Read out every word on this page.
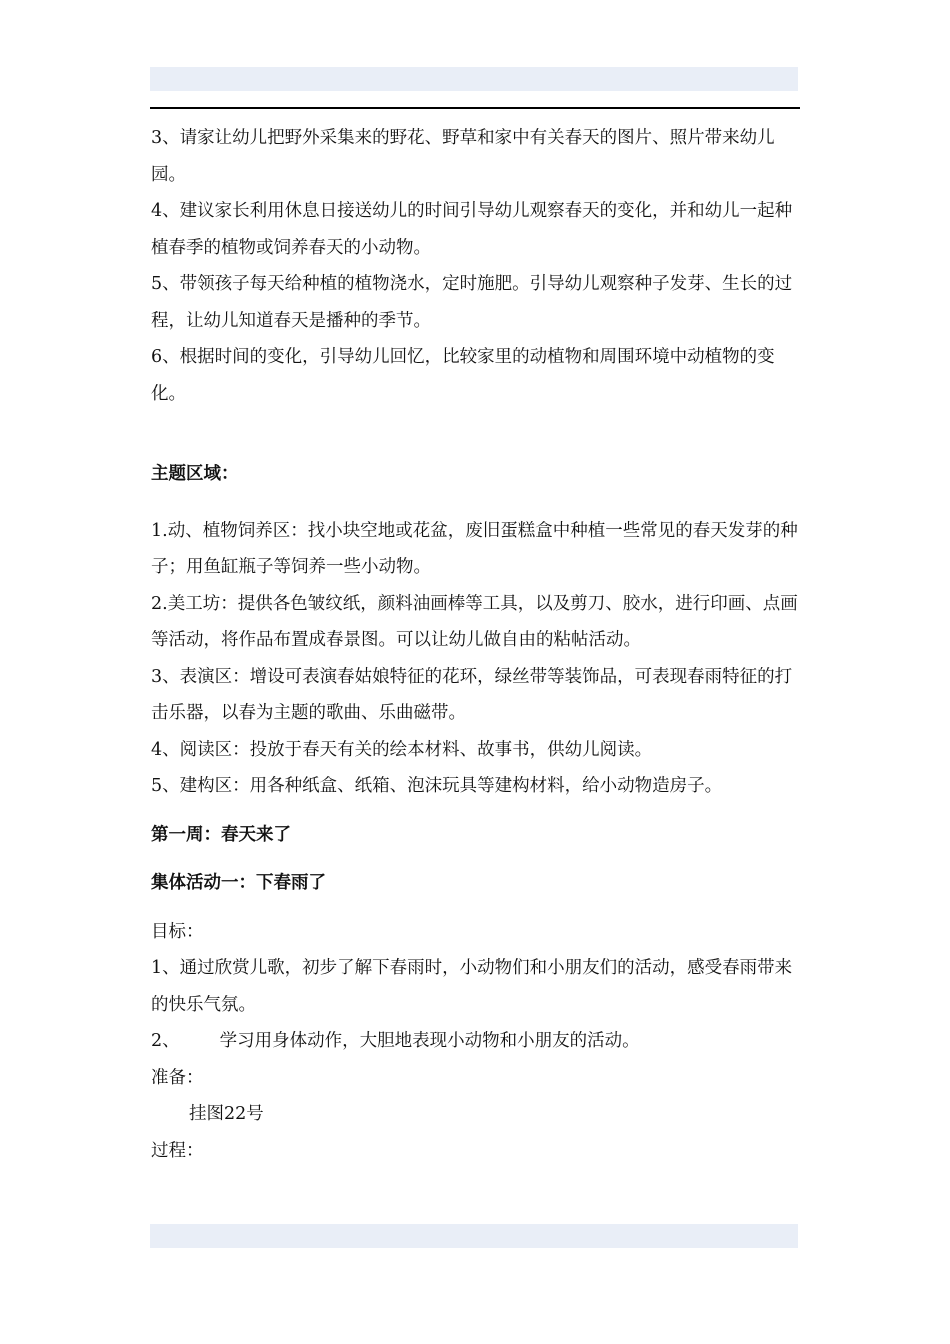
3、请家让幼儿把野外采集来的野花、野草和家中有关春天的图片、照片带来幼儿园。

4、建议家长利用休息日接送幼儿的时间引导幼儿观察春天的变化，并和幼儿一起种植春季的植物或饲养春天的小动物。

5、带领孩子每天给种植的植物浇水，定时施肥。引导幼儿观察种子发芽、生长的过程，让幼儿知道春天是播种的季节。

6、根据时间的变化，引导幼儿回忆，比较家里的动植物和周围环境中动植物的变化。

主题区域：

1.动、植物饲养区：找小块空地或花盆，废旧蛋糕盒中种植一些常见的春天发芽的种子；用鱼缸瓶子等饲养一些小动物。

2.美工坊：提供各色皱纹纸，颜料油画棒等工具，以及剪刀、胶水，进行印画、点画等活动，将作品布置成春景图。可以让幼儿做自由的粘帖活动。

3、表演区：增设可表演春姑娘特征的花环，绿丝带等装饰品，可表现春雨特征的打击乐器，以春为主题的歌曲、乐曲磁带。

4、阅读区：投放于春天有关的绘本材料、故事书，供幼儿阅读。

5、建构区：用各种纸盒、纸箱、泡沫玩具等建构材料，给小动物造房子。

第一周：春天来了

集体活动一：下春雨了

目标：

1、通过欣赏儿歌，初步了解下春雨时，小动物们和小朋友们的活动，感受春雨带来的快乐气氛。

2、 学习用身体动作，大胆地表现小动物和小朋友的活动。

准备：

挂图22号

过程：
